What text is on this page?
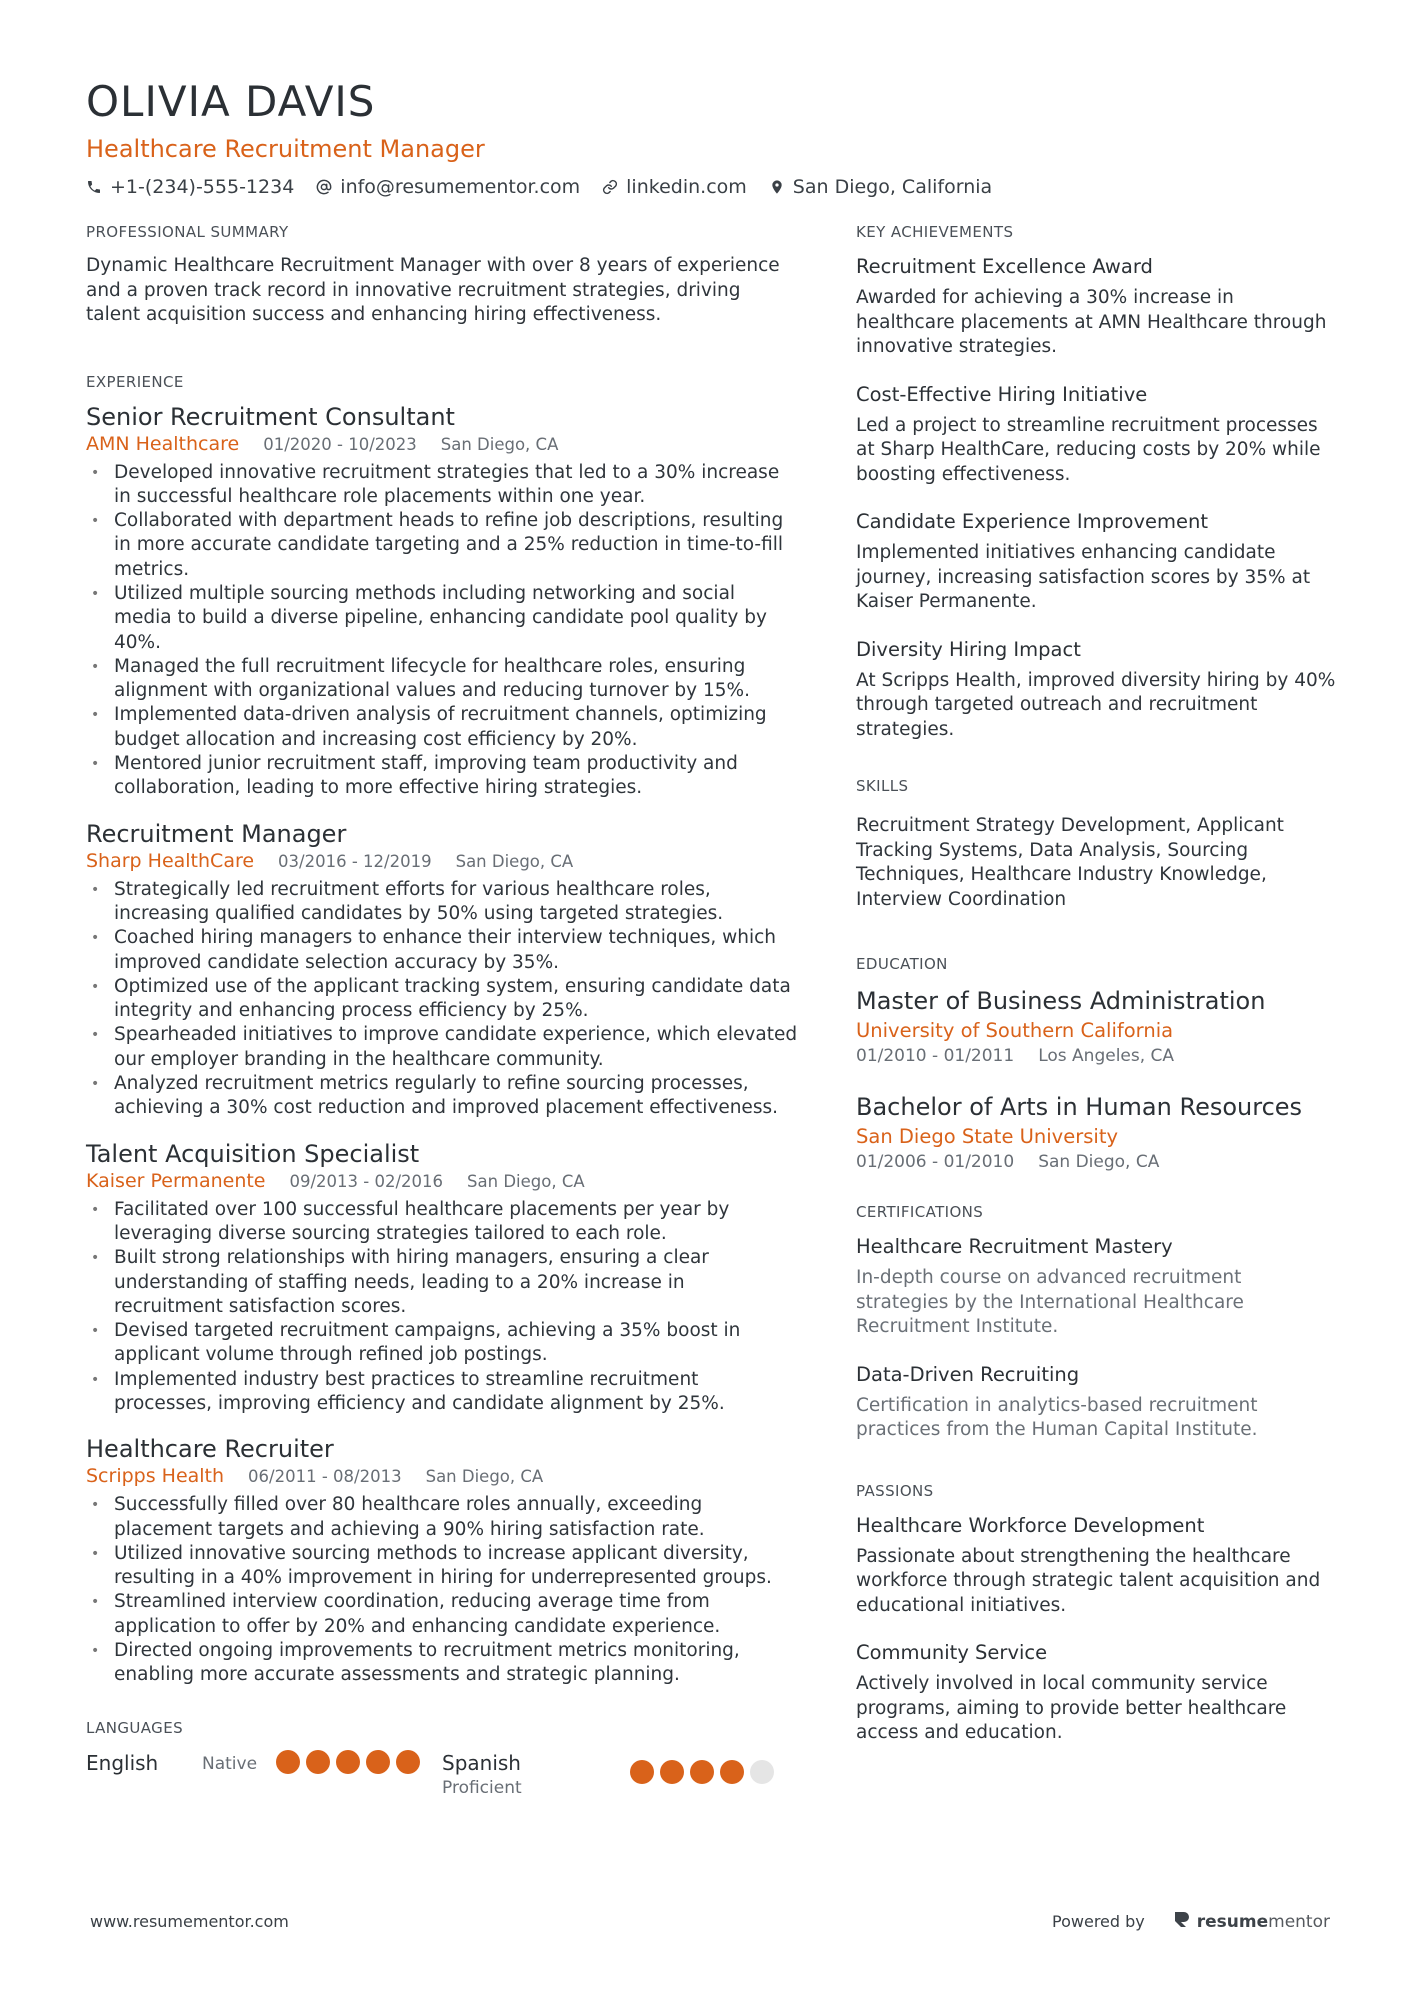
OLIVIA DAVIS
Healthcare Recruitment Manager
+1-(234)-555-1234 info@resumementor.com linkedin.com San Diego, California
PROFESSIONAL SUMMARY
Dynamic Healthcare Recruitment Manager with over 8 years of experience and a proven track record in innovative recruitment strategies, driving talent acquisition success and enhancing hiring effectiveness.
EXPERIENCE
Senior Recruitment Consultant
AMN Healthcare 01/2020 - 10/2023 San Diego, CA
• Developed innovative recruitment strategies that led to a 30% increase in successful healthcare role placements within one year.
• Collaborated with department heads to refine job descriptions, resulting in more accurate candidate targeting and a 25% reduction in time-to-fill metrics.
• Utilized multiple sourcing methods including networking and social media to build a diverse pipeline, enhancing candidate pool quality by 40%.
• Managed the full recruitment lifecycle for healthcare roles, ensuring alignment with organizational values and reducing turnover by 15%.
• Implemented data-driven analysis of recruitment channels, optimizing budget allocation and increasing cost efficiency by 20%.
• Mentored junior recruitment staff, improving team productivity and collaboration, leading to more effective hiring strategies.
Recruitment Manager
Sharp HealthCare 03/2016 - 12/2019 San Diego, CA
• Strategically led recruitment efforts for various healthcare roles, increasing qualified candidates by 50% using targeted strategies.
• Coached hiring managers to enhance their interview techniques, which improved candidate selection accuracy by 35%.
• Optimized use of the applicant tracking system, ensuring candidate data integrity and enhancing process efficiency by 25%.
• Spearheaded initiatives to improve candidate experience, which elevated our employer branding in the healthcare community.
• Analyzed recruitment metrics regularly to refine sourcing processes, achieving a 30% cost reduction and improved placement effectiveness.
Talent Acquisition Specialist
Kaiser Permanente 09/2013 - 02/2016 San Diego, CA
• Facilitated over 100 successful healthcare placements per year by leveraging diverse sourcing strategies tailored to each role.
• Built strong relationships with hiring managers, ensuring a clear understanding of staffing needs, leading to a 20% increase in recruitment satisfaction scores.
• Devised targeted recruitment campaigns, achieving a 35% boost in applicant volume through refined job postings.
• Implemented industry best practices to streamline recruitment processes, improving efficiency and candidate alignment by 25%.
Healthcare Recruiter
Scripps Health 06/2011 - 08/2013 San Diego, CA
• Successfully filled over 80 healthcare roles annually, exceeding placement targets and achieving a 90% hiring satisfaction rate.
• Utilized innovative sourcing methods to increase applicant diversity, resulting in a 40% improvement in hiring for underrepresented groups.
• Streamlined interview coordination, reducing average time from application to offer by 20% and enhancing candidate experience.
• Directed ongoing improvements to recruitment metrics monitoring, enabling more accurate assessments and strategic planning.
LANGUAGES
English	Native	Spanish
Proficient
KEY ACHIEVEMENTS
Recruitment Excellence Award
Awarded for achieving a 30% increase in healthcare placements at AMN Healthcare through innovative strategies.
Cost-Effective Hiring Initiative
Led a project to streamline recruitment processes at Sharp HealthCare, reducing costs by 20% while boosting effectiveness.
Candidate Experience Improvement
Implemented initiatives enhancing candidate journey, increasing satisfaction scores by 35% at Kaiser Permanente.
Diversity Hiring Impact
At Scripps Health, improved diversity hiring by 40% through targeted outreach and recruitment strategies.
SKILLS
Recruitment Strategy Development, Applicant Tracking Systems, Data Analysis, Sourcing Techniques, Healthcare Industry Knowledge, Interview Coordination
EDUCATION
Master of Business Administration
University of Southern California
01/2010 - 01/2011 Los Angeles, CA
Bachelor of Arts in Human Resources
San Diego State University
01/2006 - 01/2010 San Diego, CA
CERTIFICATIONS
Healthcare Recruitment Mastery
In-depth course on advanced recruitment strategies by the International Healthcare Recruitment Institute.
Data-Driven Recruiting
Certification in analytics-based recruitment practices from the Human Capital Institute.
PASSIONS
Healthcare Workforce Development
Passionate about strengthening the healthcare workforce through strategic talent acquisition and educational initiatives.
Community Service
Actively involved in local community service programs, aiming to provide better healthcare access and education.
www.resumementor.com	Powered by	resumementor
